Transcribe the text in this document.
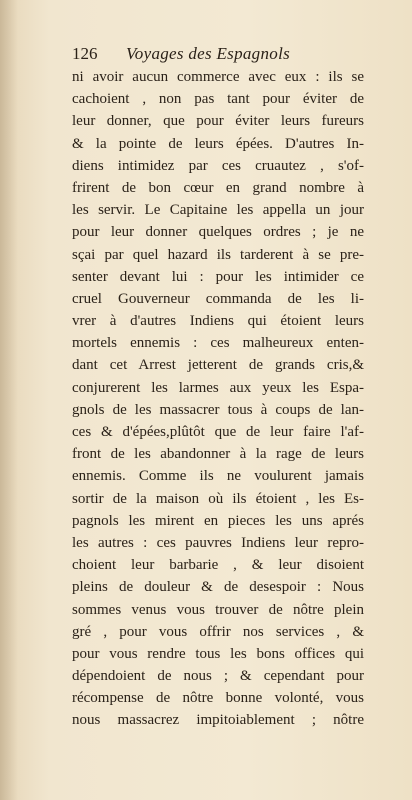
126 Voyages des Espagnols
ni avoir aucun commerce avec eux : ils se
cachoient , non pas tant pour éviter de
leur donner, que pour éviter leurs fureurs
& la pointe de leurs épées. D'autres In-
diens intimidez par ces cruautez , s'of-
frirent de bon cœur en grand nombre à
les servir. Le Capitaine les appella un jour
pour leur donner quelques ordres ; je ne
sçai par quel hazard ils tarderent à se pre-
senter devant lui : pour les intimider ce
cruel Gouverneur commanda de les li-
vrer à d'autres Indiens qui étoient leurs
mortels ennemis : ces malheureux enten-
dant cet Arrest jetterent de grands cris,&
conjurerent les larmes aux yeux les Espa-
gnols de les massacrer tous à coups de lan-
ces & d'épées,plûtôt que de leur faire l'af-
front de les abandonner à la rage de leurs
ennemis. Comme ils ne voulurent jamais
sortir de la maison où ils étoient , les Es-
pagnols les mirent en pieces les uns aprés
les autres : ces pauvres Indiens leur repro-
choient leur barbarie , & leur disoient
pleins de douleur & de desespoir : Nous
sommes venus vous trouver de nôtre plein
gré , pour vous offrir nos services , &
pour vous rendre tous les bons offices qui
dépendoient de nous ; & cependant pour
récompense de nôtre bonne volonté, vous
nous massacrez impitoiablement ; nôtre
